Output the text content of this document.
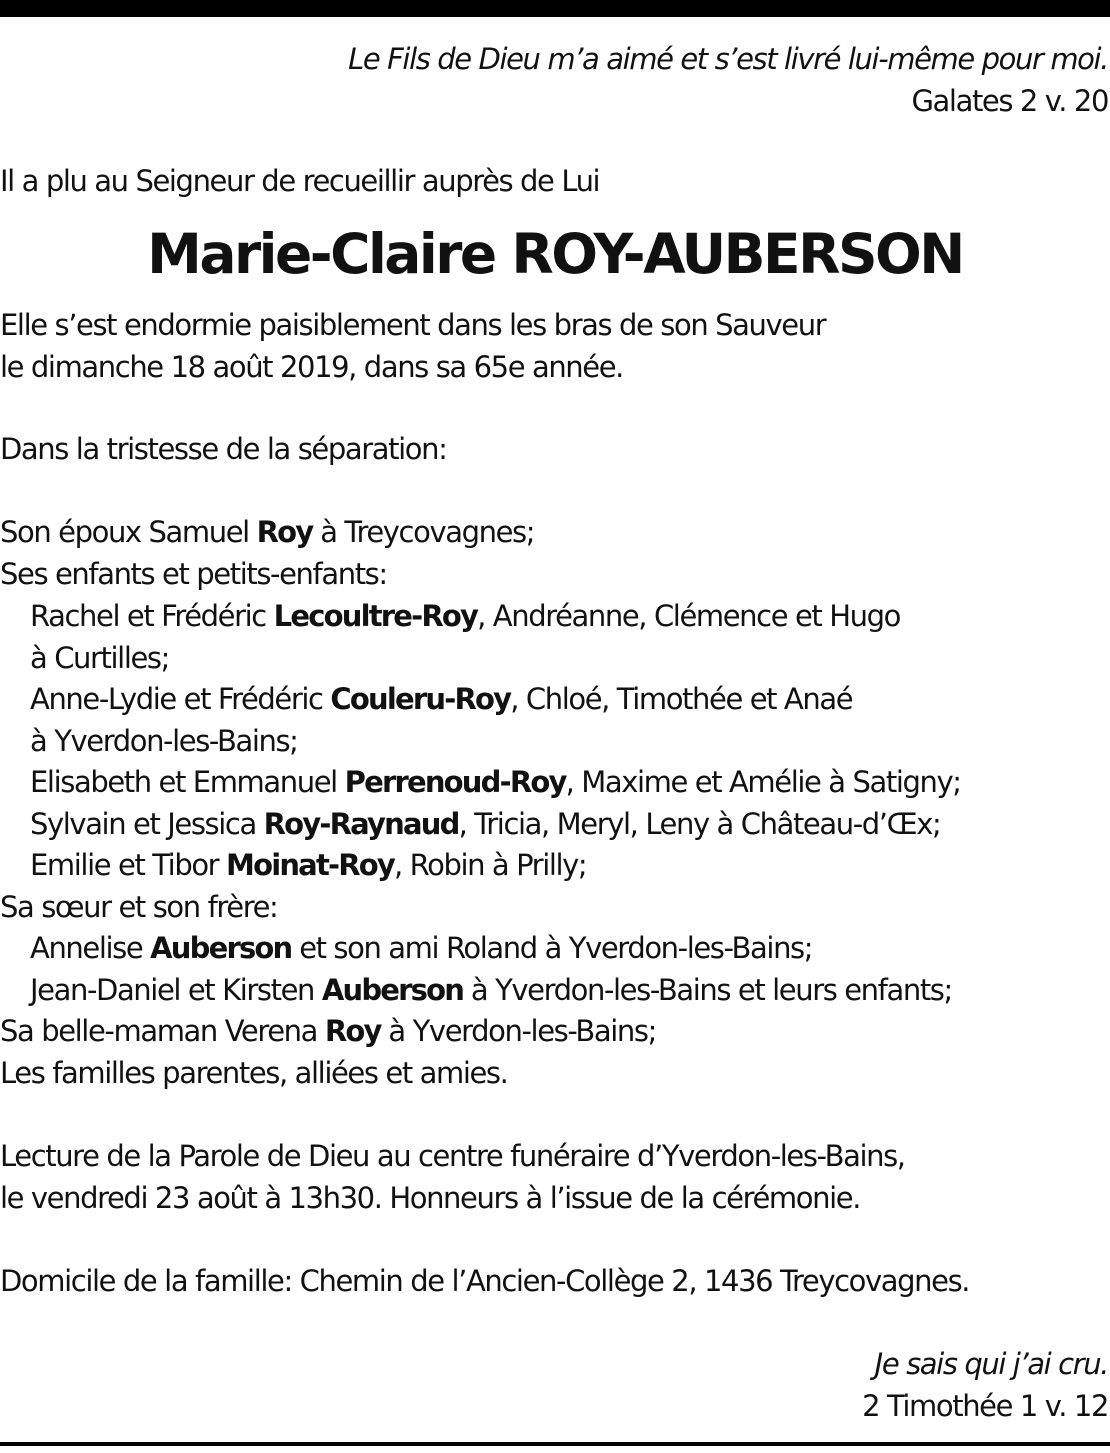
Le Fils de Dieu m’a aimé et s’est livré lui-même pour moi.
Galates 2 v. 20
Il a plu au Seigneur de recueillir auprès de Lui
Marie-Claire ROY-AUBERSON
Elle s’est endormie paisiblement dans les bras de son Sauveur
le dimanche 18 août 2019, dans sa 65e année.
Dans la tristesse de la séparation:
Son époux Samuel Roy à Treycovagnes;
Ses enfants et petits-enfants:
Rachel et Frédéric Lecoultre-Roy, Andréanne, Clémence et Hugo
à Curtilles;
Anne-Lydie et Frédéric Couleru-Roy, Chloé, Timothée et Anaé
à Yverdon-les-Bains;
Elisabeth et Emmanuel Perrenoud-Roy, Maxime et Amélie à Satigny;
Sylvain et Jessica Roy-Raynaud, Tricia, Meryl, Leny à Château-d’Œx;
Emilie et Tibor Moinat-Roy, Robin à Prilly;
Sa sœur et son frère:
Annelise Auberson et son ami Roland à Yverdon-les-Bains;
Jean-Daniel et Kirsten Auberson à Yverdon-les-Bains et leurs enfants;
Sa belle-maman Verena Roy à Yverdon-les-Bains;
Les familles parentes, alliées et amies.
Lecture de la Parole de Dieu au centre funéraire d’Yverdon-les-Bains,
le vendredi 23 août à 13h30. Honneurs à l’issue de la cérémonie.
Domicile de la famille: Chemin de l’Ancien-Collège 2, 1436 Treycovagnes.
Je sais qui j’ai cru.
2 Timothée 1 v. 12
